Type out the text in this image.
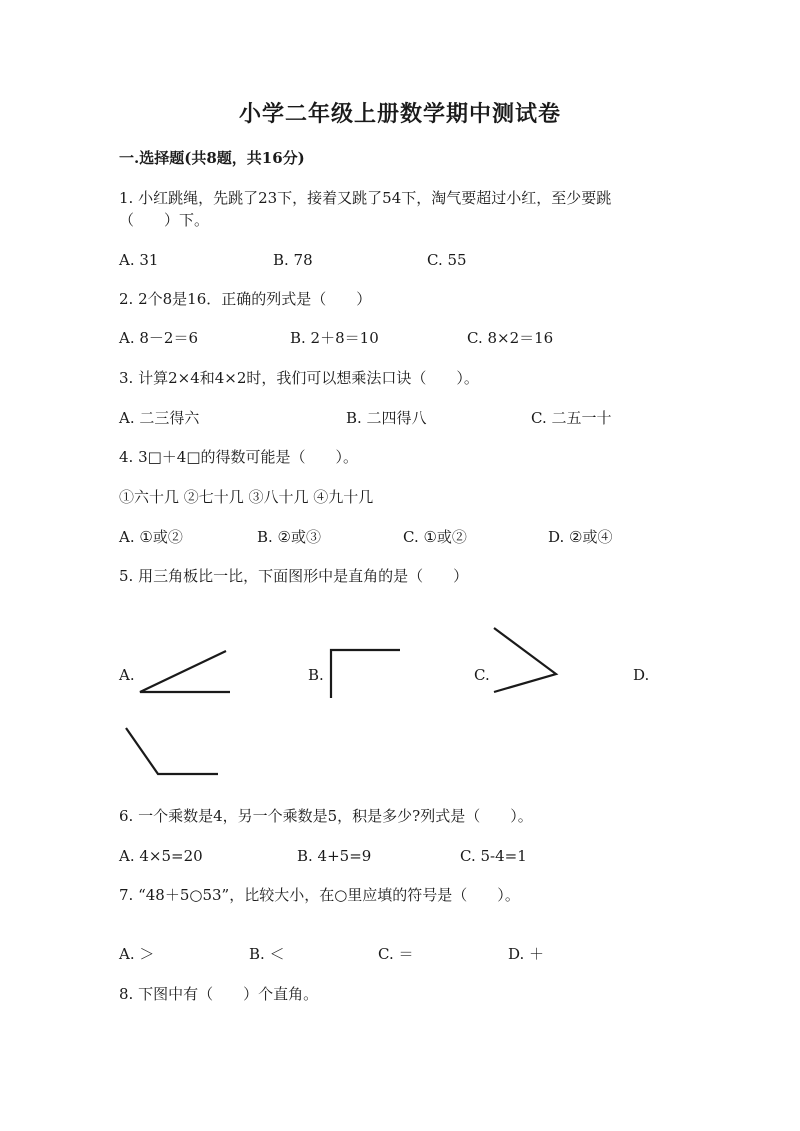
小学二年级上册数学期中测试卷
一.选择题(共8题，共16分)
1. 小红跳绳，先跳了23下，接着又跳了54下，淘气要超过小红，至少要跳
（　　）下。
A. 31	B. 78	C. 55
2. 2个8是16．正确的列式是（　　）
A. 8－2＝6	B. 2＋8＝10	C. 8×2＝16
3. 计算2×4和4×2时，我们可以想乘法口诀（　　）。
A. 二三得六	B. 二四得八	C. 二五一十
4. 3□＋4□的得数可能是（　　）。
①六十几 ②七十几 ③八十几 ④九十几
A. ①或②	B. ②或③	C. ①或②	D. ②或④
5. 用三角板比一比，下面图形中是直角的是（　　）
A.	B.	C.	D.
6. 一个乘数是4，另一个乘数是5，积是多少?列式是（　　）。
A. 4×5=20	B. 4+5=9	C. 5-4=1
7. “48＋5○53”，比较大小，在○里应填的符号是（　　）。
A. ＞	B. ＜	C. ＝	D. ＋
8. 下图中有（　　）个直角。
